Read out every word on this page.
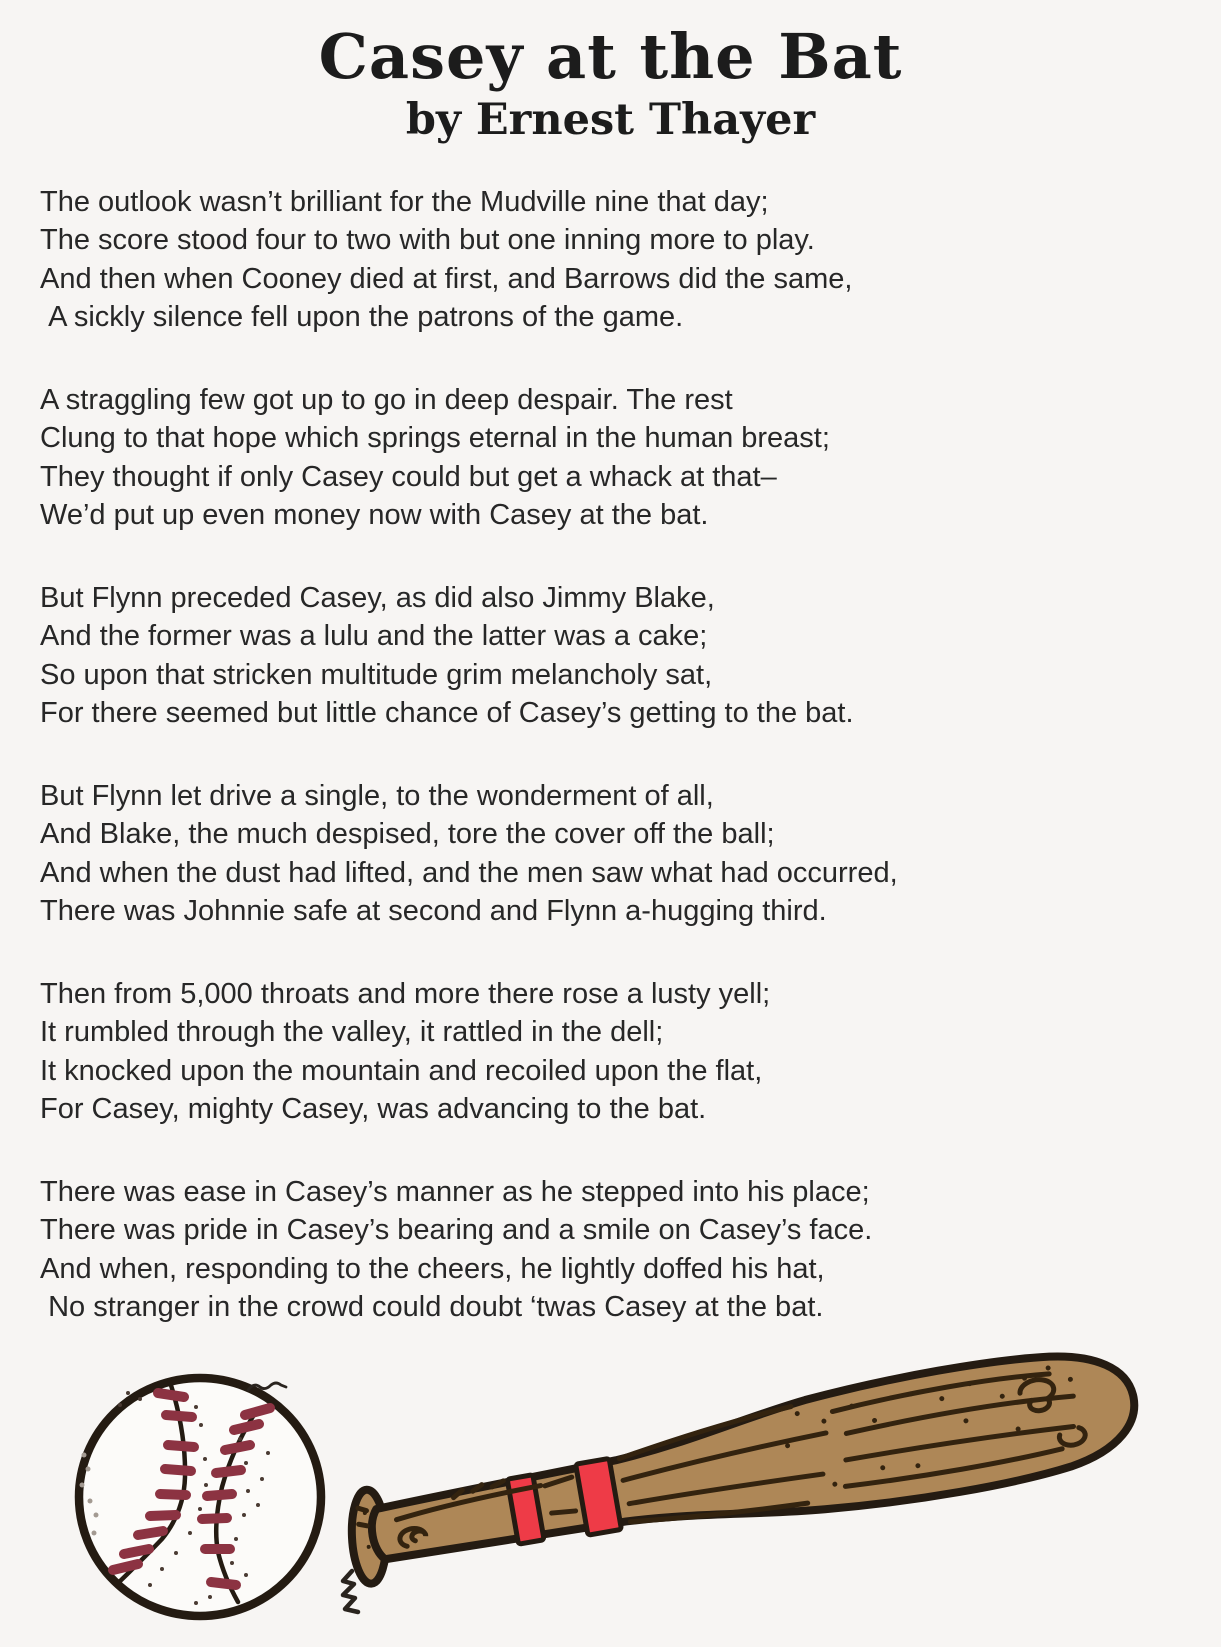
Casey at the Bat
by Ernest Thayer

The outlook wasn’t brilliant for the Mudville nine that day;

The score stood four to two with but one inning more to play.

And then when Cooney died at first, and Barrows did the same,

A sickly silence fell upon the patrons of the game.

A straggling few got up to go in deep despair. The rest

Clung to that hope which springs eternal in the human breast;

They thought if only Casey could but get a whack at that–

We’d put up even money now with Casey at the bat.

But Flynn preceded Casey, as did also Jimmy Blake,

And the former was a lulu and the latter was a cake;

So upon that stricken multitude grim melancholy sat,

For there seemed but little chance of Casey’s getting to the bat.

But Flynn let drive a single, to the wonderment of all,

And Blake, the much despised, tore the cover off the ball;

And when the dust had lifted, and the men saw what had occurred,

There was Johnnie safe at second and Flynn a-hugging third.

Then from 5,000 throats and more there rose a lusty yell;

It rumbled through the valley, it rattled in the dell;

It knocked upon the mountain and recoiled upon the flat,

For Casey, mighty Casey, was advancing to the bat.

There was ease in Casey’s manner as he stepped into his place;

There was pride in Casey’s bearing and a smile on Casey’s face.

And when, responding to the cheers, he lightly doffed his hat,

No stranger in the crowd could doubt ‘twas Casey at the bat.
